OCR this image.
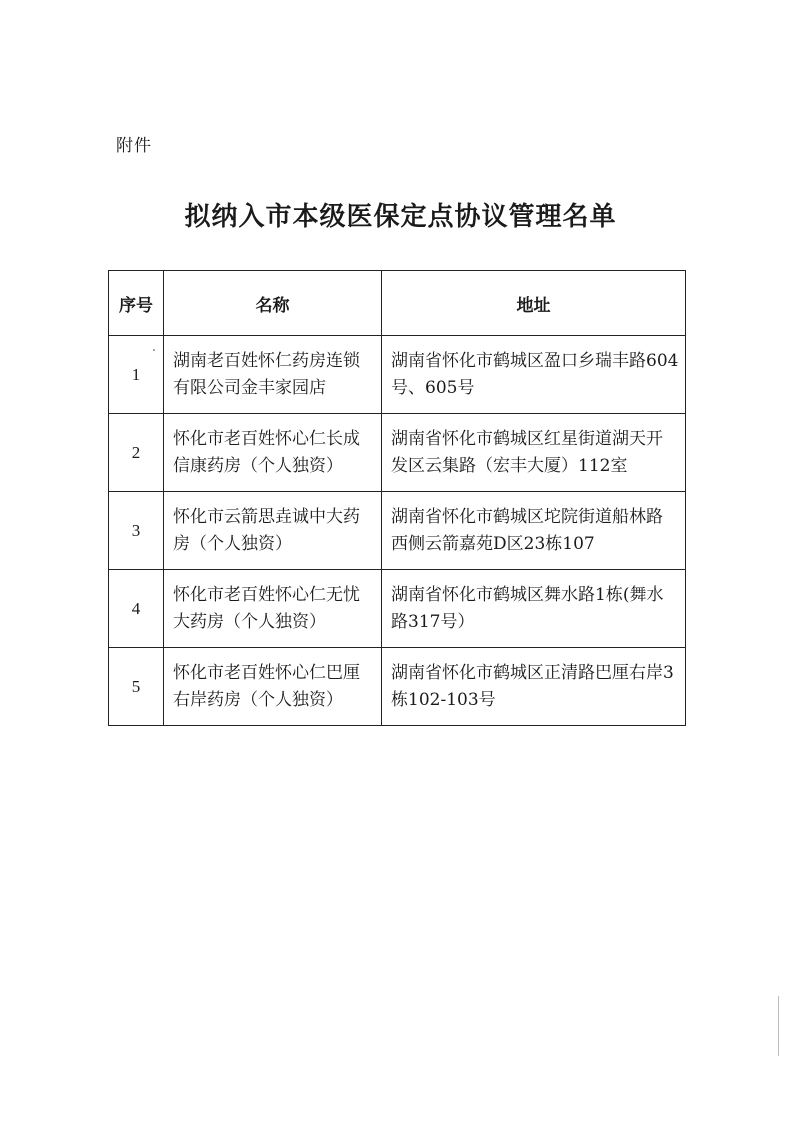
附件
拟纳入市本级医保定点协议管理名单
序号	名称	地址
1	湖南老百姓怀仁药房连锁有限公司金丰家园店	湖南省怀化市鹤城区盈口乡瑞丰路604号、605号
2	怀化市老百姓怀心仁长成信康药房（个人独资）	湖南省怀化市鹤城区红星街道湖天开发区云集路（宏丰大厦）112室
3	怀化市云箭思垚诚中大药房（个人独资）	湖南省怀化市鹤城区坨院街道船林路西侧云箭嘉苑D区23栋107
4	怀化市老百姓怀心仁无忧大药房（个人独资）	湖南省怀化市鹤城区舞水路1栋(舞水路317号）
5	怀化市老百姓怀心仁巴厘右岸药房（个人独资）	湖南省怀化市鹤城区正清路巴厘右岸3栋102-103号
